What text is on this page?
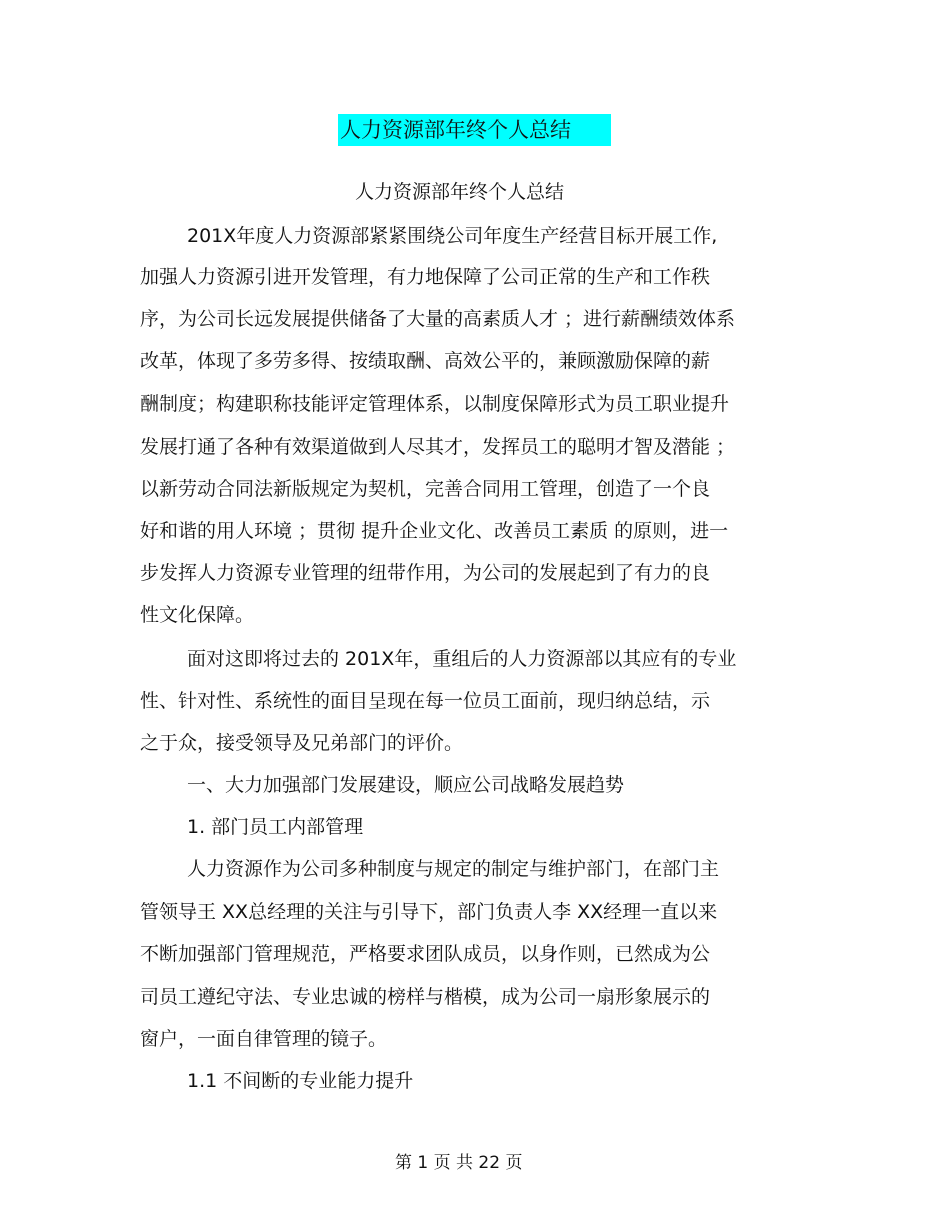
人力资源部年终个人总结
人力资源部年终个人总结
201X年度人力资源部紧紧围绕公司年度生产经营目标开展工作,
加强人力资源引进开发管理，有力地保障了公司正常的生产和工作秩
序，为公司长远发展提供储备了大量的高素质人才 ；进行薪酬绩效体系
改革，体现了多劳多得、按绩取酬、高效公平的，兼顾激励保障的薪
酬制度；构建职称技能评定管理体系，以制度保障形式为员工职业提升
发展打通了各种有效渠道做到人尽其才，发挥员工的聪明才智及潜能 ；
以新劳动合同法新版规定为契机，完善合同用工管理，创造了一个良
好和谐的用人环境 ；贯彻 提升企业文化、改善员工素质 的原则，进一
步发挥人力资源专业管理的纽带作用，为公司的发展起到了有力的良
性文化保障。
面对这即将过去的 201X年，重组后的人力资源部以其应有的专业
性、针对性、系统性的面目呈现在每一位员工面前，现归纳总结，示
之于众，接受领导及兄弟部门的评价。
一、大力加强部门发展建设，顺应公司战略发展趋势
1. 部门员工内部管理
人力资源作为公司多种制度与规定的制定与维护部门，在部门主
管领导王 XX总经理的关注与引导下，部门负责人李 XX经理一直以来
不断加强部门管理规范，严格要求团队成员，以身作则，已然成为公
司员工遵纪守法、专业忠诚的榜样与楷模，成为公司一扇形象展示的
窗户，一面自律管理的镜子。
1.1 不间断的专业能力提升
第 1 页 共 22 页
